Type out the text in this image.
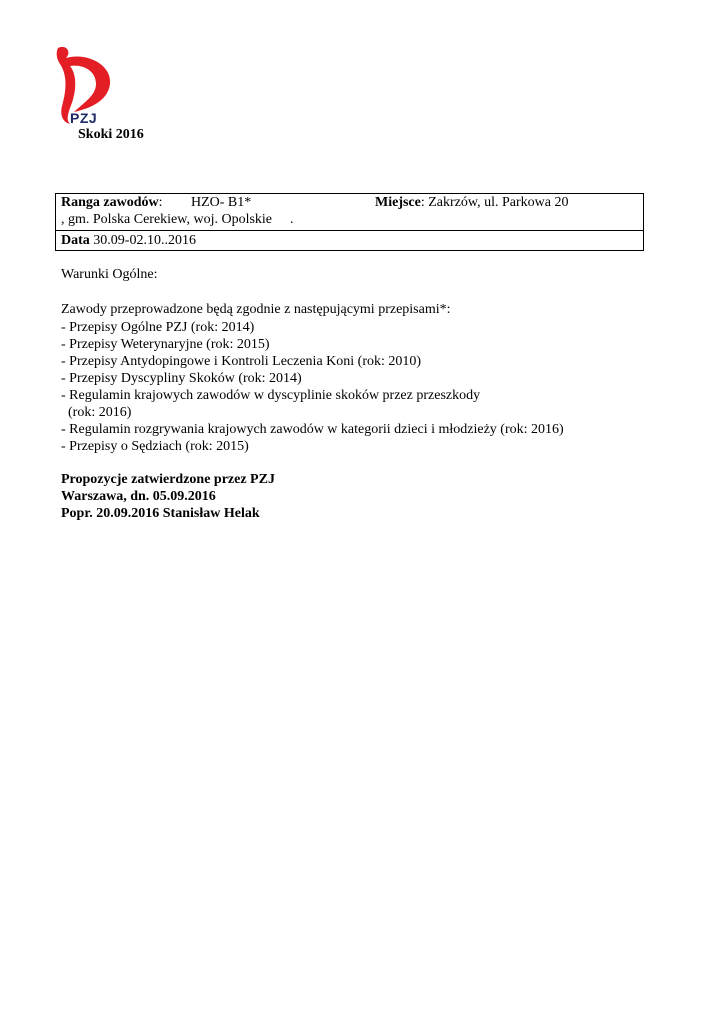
PZJ
Skoki 2016
Ranga zawodów: HZO- B1*	Miejsce: Zakrzów, ul. Parkowa 20
, gm. Polska Cerekiew, woj. Opolskie .
Data 30.09-02.10..2016
Warunki Ogólne:
Zawody przeprowadzone będą zgodnie z następującymi przepisami*:
- Przepisy Ogólne PZJ (rok: 2014)
- Przepisy Weterynaryjne (rok: 2015)
- Przepisy Antydopingowe i Kontroli Leczenia Koni (rok: 2010)
- Przepisy Dyscypliny Skoków (rok: 2014)
- Regulamin krajowych zawodów w dyscyplinie skoków przez przeszkody
(rok: 2016)
- Regulamin rozgrywania krajowych zawodów w kategorii dzieci i młodzieży (rok: 2016)
- Przepisy o Sędziach (rok: 2015)
Propozycje zatwierdzone przez PZJ
Warszawa, dn. 05.09.2016
Popr. 20.09.2016 Stanisław Helak
